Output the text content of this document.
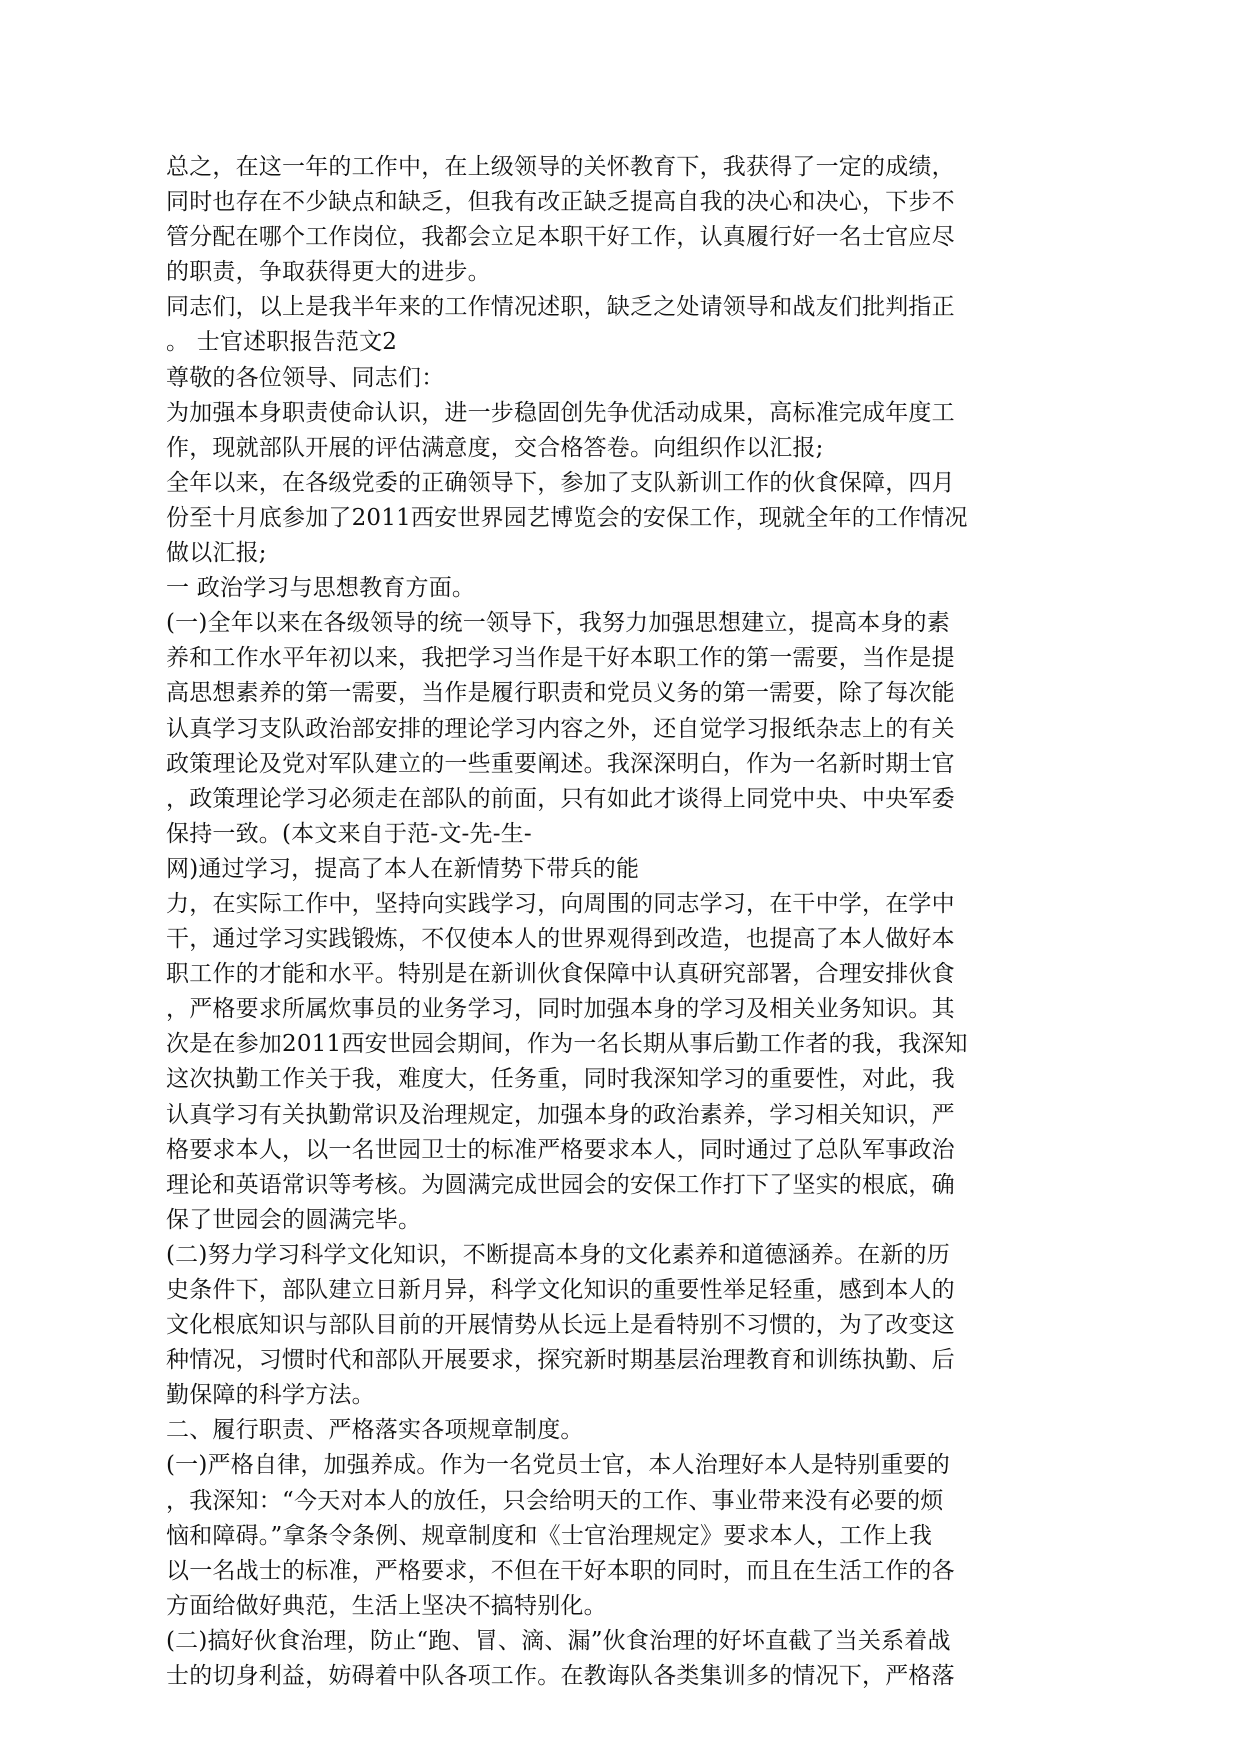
总之，在这一年的工作中，在上级领导的关怀教育下，我获得了一定的成绩，
同时也存在不少缺点和缺乏，但我有改正缺乏提高自我的决心和决心，下步不
管分配在哪个工作岗位，我都会立足本职干好工作，认真履行好一名士官应尽
的职责，争取获得更大的进步。
同志们，以上是我半年来的工作情况述职，缺乏之处请领导和战友们批判指正
。 士官述职报告范文2
尊敬的各位领导、同志们：
为加强本身职责使命认识，进一步稳固创先争优活动成果，高标准完成年度工
作，现就部队开展的评估满意度，交合格答卷。向组织作以汇报;
全年以来，在各级党委的正确领导下，参加了支队新训工作的伙食保障，四月
份至十月底参加了2011西安世界园艺博览会的安保工作，现就全年的工作情况
做以汇报;
一 政治学习与思想教育方面。
(一)全年以来在各级领导的统一领导下，我努力加强思想建立，提高本身的素
养和工作水平年初以来，我把学习当作是干好本职工作的第一需要，当作是提
高思想素养的第一需要，当作是履行职责和党员义务的第一需要，除了每次能
认真学习支队政治部安排的理论学习内容之外，还自觉学习报纸杂志上的有关
政策理论及党对军队建立的一些重要阐述。我深深明白，作为一名新时期士官
，政策理论学习必须走在部队的前面，只有如此才谈得上同党中央、中央军委
保持一致。(本文来自于范-文-先-生-
网)通过学习，提高了本人在新情势下带兵的能
力，在实际工作中，坚持向实践学习，向周围的同志学习，在干中学，在学中
干，通过学习实践锻炼，不仅使本人的世界观得到改造，也提高了本人做好本
职工作的才能和水平。特别是在新训伙食保障中认真研究部署，合理安排伙食
，严格要求所属炊事员的业务学习，同时加强本身的学习及相关业务知识。其
次是在参加2011西安世园会期间，作为一名长期从事后勤工作者的我，我深知
这次执勤工作关于我，难度大，任务重，同时我深知学习的重要性，对此，我
认真学习有关执勤常识及治理规定，加强本身的政治素养，学习相关知识，严
格要求本人，以一名世园卫士的标准严格要求本人，同时通过了总队军事政治
理论和英语常识等考核。为圆满完成世园会的安保工作打下了坚实的根底，确
保了世园会的圆满完毕。
(二)努力学习科学文化知识，不断提高本身的文化素养和道德涵养。在新的历
史条件下，部队建立日新月异，科学文化知识的重要性举足轻重，感到本人的
文化根底知识与部队目前的开展情势从长远上是看特别不习惯的，为了改变这
种情况，习惯时代和部队开展要求，探究新时期基层治理教育和训练执勤、后
勤保障的科学方法。
二、履行职责、严格落实各项规章制度。
(一)严格自律，加强养成。作为一名党员士官，本人治理好本人是特别重要的
，我深知：“今天对本人的放任，只会给明天的工作、事业带来没有必要的烦
恼和障碍。”拿条令条例、规章制度和《士官治理规定》要求本人，工作上我
以一名战士的标准，严格要求，不但在干好本职的同时，而且在生活工作的各
方面给做好典范，生活上坚决不搞特别化。
(二)搞好伙食治理，防止“跑、冒、滴、漏”伙食治理的好坏直截了当关系着战
士的切身利益，妨碍着中队各项工作。在教诲队各类集训多的情况下，严格落
